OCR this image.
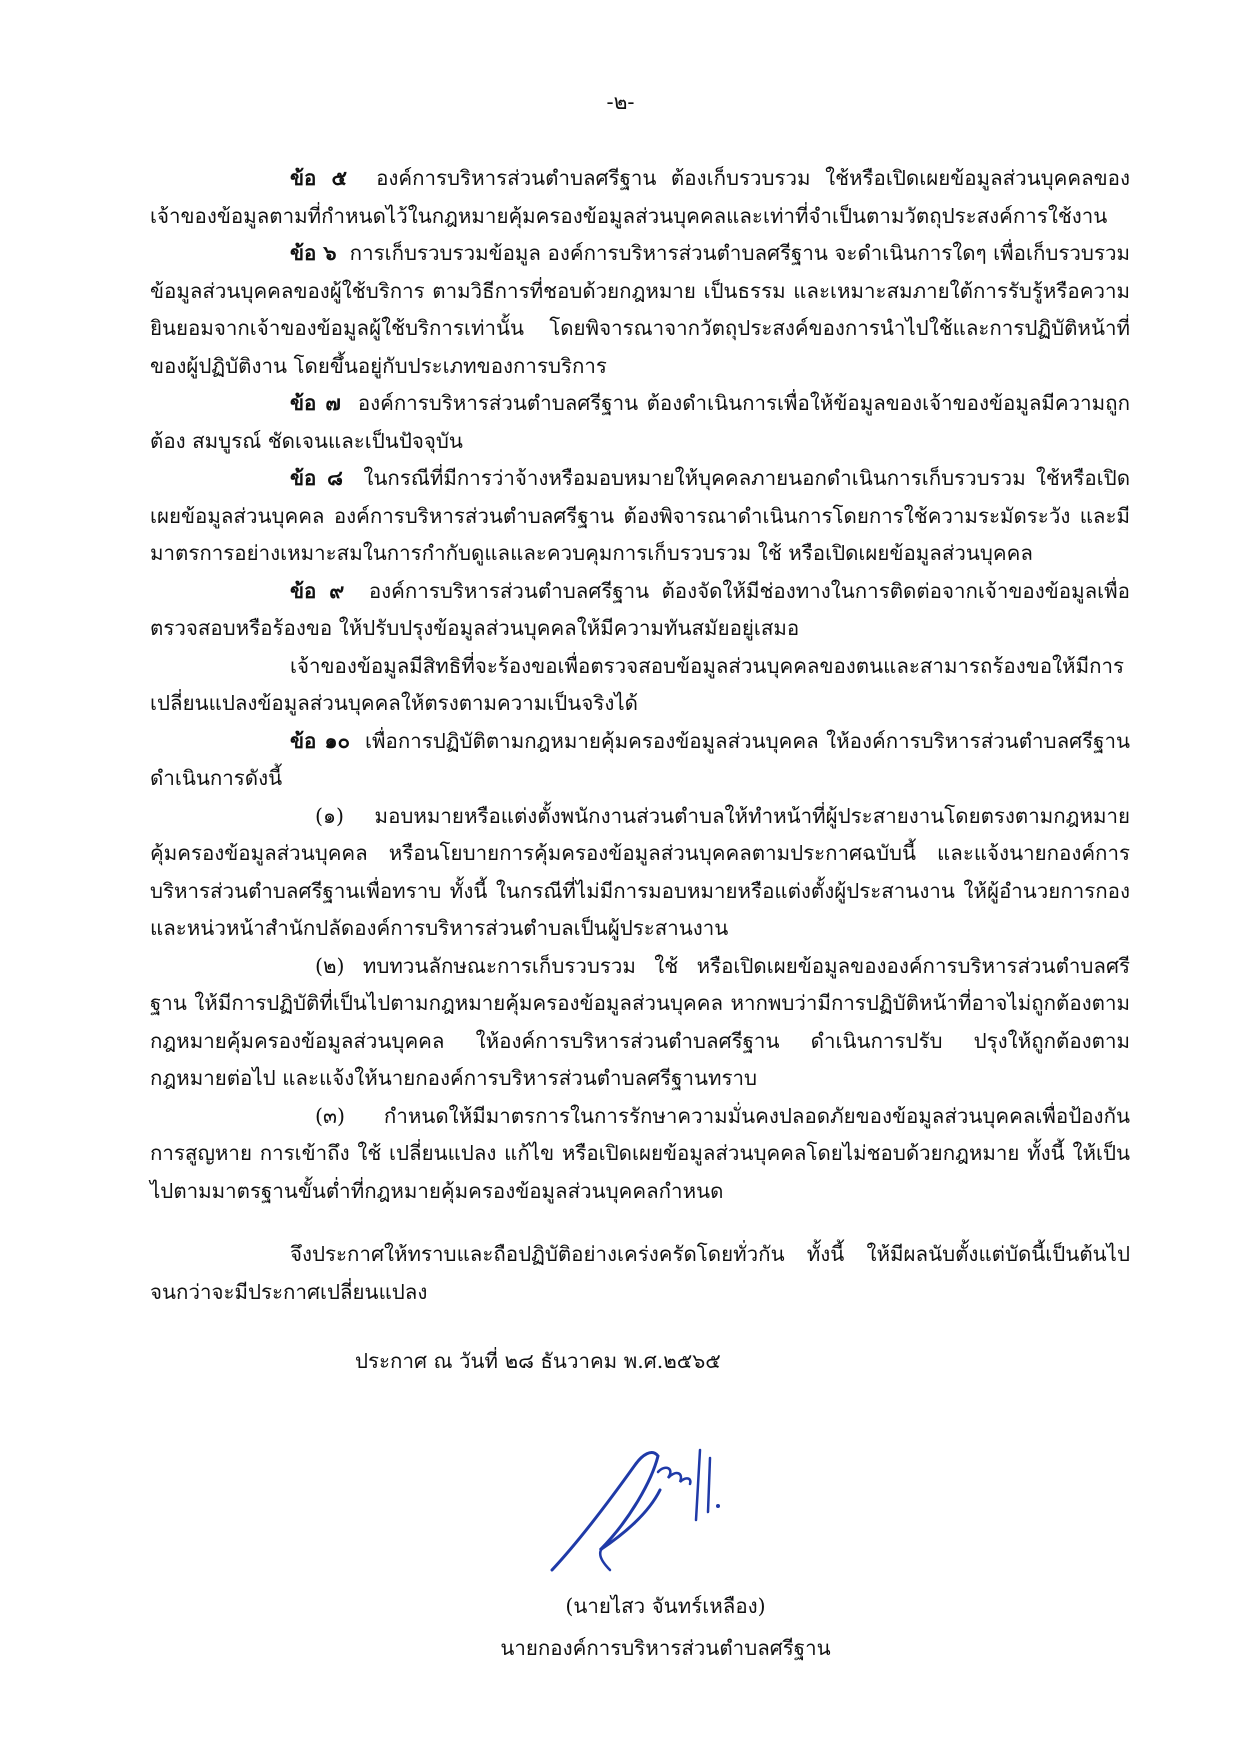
-๒-

ข้อ ๕ องค์การบริหารส่วนตำบลศรีฐาน ต้องเก็บรวบรวม ใช้หรือเปิดเผยข้อมูลส่วนบุคคลของเจ้าของข้อมูลตามที่กำหนดไว้ในกฎหมายคุ้มครองข้อมูลส่วนบุคคลและเท่าที่จำเป็นตามวัตถุประสงค์การใช้งาน

ข้อ ๖ การเก็บรวบรวมข้อมูล องค์การบริหารส่วนตำบลศรีฐาน จะดำเนินการใดๆ เพื่อเก็บรวบรวมข้อมูลส่วนบุคคลของผู้ใช้บริการ ตามวิธีการที่ชอบด้วยกฎหมาย เป็นธรรม และเหมาะสมภายใต้การรับรู้หรือความยินยอมจากเจ้าของข้อมูลผู้ใช้บริการเท่านั้น โดยพิจารณาจากวัตถุประสงค์ของการนำไปใช้และการปฏิบัติหน้าที่ของผู้ปฏิบัติงาน โดยขึ้นอยู่กับประเภทของการบริการ

ข้อ ๗ องค์การบริหารส่วนตำบลศรีฐาน ต้องดำเนินการเพื่อให้ข้อมูลของเจ้าของข้อมูลมีความถูกต้อง สมบูรณ์ ชัดเจนและเป็นปัจจุบัน

ข้อ ๘ ในกรณีที่มีการว่าจ้างหรือมอบหมายให้บุคคลภายนอกดำเนินการเก็บรวบรวม ใช้หรือเปิดเผยข้อมูลส่วนบุคคล องค์การบริหารส่วนตำบลศรีฐาน ต้องพิจารณาดำเนินการโดยการใช้ความระมัดระวัง และมีมาตรการอย่างเหมาะสมในการกำกับดูแลและควบคุมการเก็บรวบรวม ใช้ หรือเปิดเผยข้อมูลส่วนบุคคล

ข้อ ๙ องค์การบริหารส่วนตำบลศรีฐาน ต้องจัดให้มีช่องทางในการติดต่อจากเจ้าของข้อมูลเพื่อตรวจสอบหรือร้องขอ ให้ปรับปรุงข้อมูลส่วนบุคคลให้มีความทันสมัยอยู่เสมอ

เจ้าของข้อมูลมีสิทธิที่จะร้องขอเพื่อตรวจสอบข้อมูลส่วนบุคคลของตนและสามารถร้องขอให้มีการเปลี่ยนแปลงข้อมูลส่วนบุคคลให้ตรงตามความเป็นจริงได้

ข้อ ๑๐ เพื่อการปฏิบัติตามกฎหมายคุ้มครองข้อมูลส่วนบุคคล ให้องค์การบริหารส่วนตำบลศรีฐาน ดำเนินการดังนี้

(๑) มอบหมายหรือแต่งตั้งพนักงานส่วนตำบลให้ทำหน้าที่ผู้ประสายงานโดยตรงตามกฎหมายคุ้มครองข้อมูลส่วนบุคคล หรือนโยบายการคุ้มครองข้อมูลส่วนบุคคลตามประกาศฉบับนี้ และแจ้งนายกองค์การบริหารส่วนตำบลศรีฐานเพื่อทราบ ทั้งนี้ ในกรณีที่ไม่มีการมอบหมายหรือแต่งตั้งผู้ประสานงาน ให้ผู้อำนวยการกองและหน่วหน้าสำนักปลัดองค์การบริหารส่วนตำบลเป็นผู้ประสานงาน

(๒) ทบทวนลักษณะการเก็บรวบรวม ใช้ หรือเปิดเผยข้อมูลขององค์การบริหารส่วนตำบลศรีฐาน ให้มีการปฏิบัติที่เป็นไปตามกฎหมายคุ้มครองข้อมูลส่วนบุคคล หากพบว่ามีการปฏิบัติหน้าที่อาจไม่ถูกต้องตามกฎหมายคุ้มครองข้อมูลส่วนบุคคล ให้องค์การบริหารส่วนตำบลศรีฐาน ดำเนินการปรับ ปรุงให้ถูกต้องตามกฎหมายต่อไป และแจ้งให้นายกองค์การบริหารส่วนตำบลศรีฐานทราบ

(๓) กำหนดให้มีมาตรการในการรักษาความมั่นคงปลอดภัยของข้อมูลส่วนบุคคลเพื่อป้องกันการสูญหาย การเข้าถึง ใช้ เปลี่ยนแปลง แก้ไข หรือเปิดเผยข้อมูลส่วนบุคคลโดยไม่ชอบด้วยกฎหมาย ทั้งนี้ ให้เป็นไปตามมาตรฐานขั้นต่ำที่กฎหมายคุ้มครองข้อมูลส่วนบุคคลกำหนด

จึงประกาศให้ทราบและถือปฏิบัติอย่างเคร่งครัดโดยทั่วกัน ทั้งนี้ ให้มีผลนับตั้งแต่บัดนี้เป็นต้นไปจนกว่าจะมีประกาศเปลี่ยนแปลง

ประกาศ ณ วันที่ ๒๘ ธันวาคม พ.ศ.๒๕๖๕
(นายไสว จันทร์เหลือง)
นายกองค์การบริหารส่วนตำบลศรีฐาน
